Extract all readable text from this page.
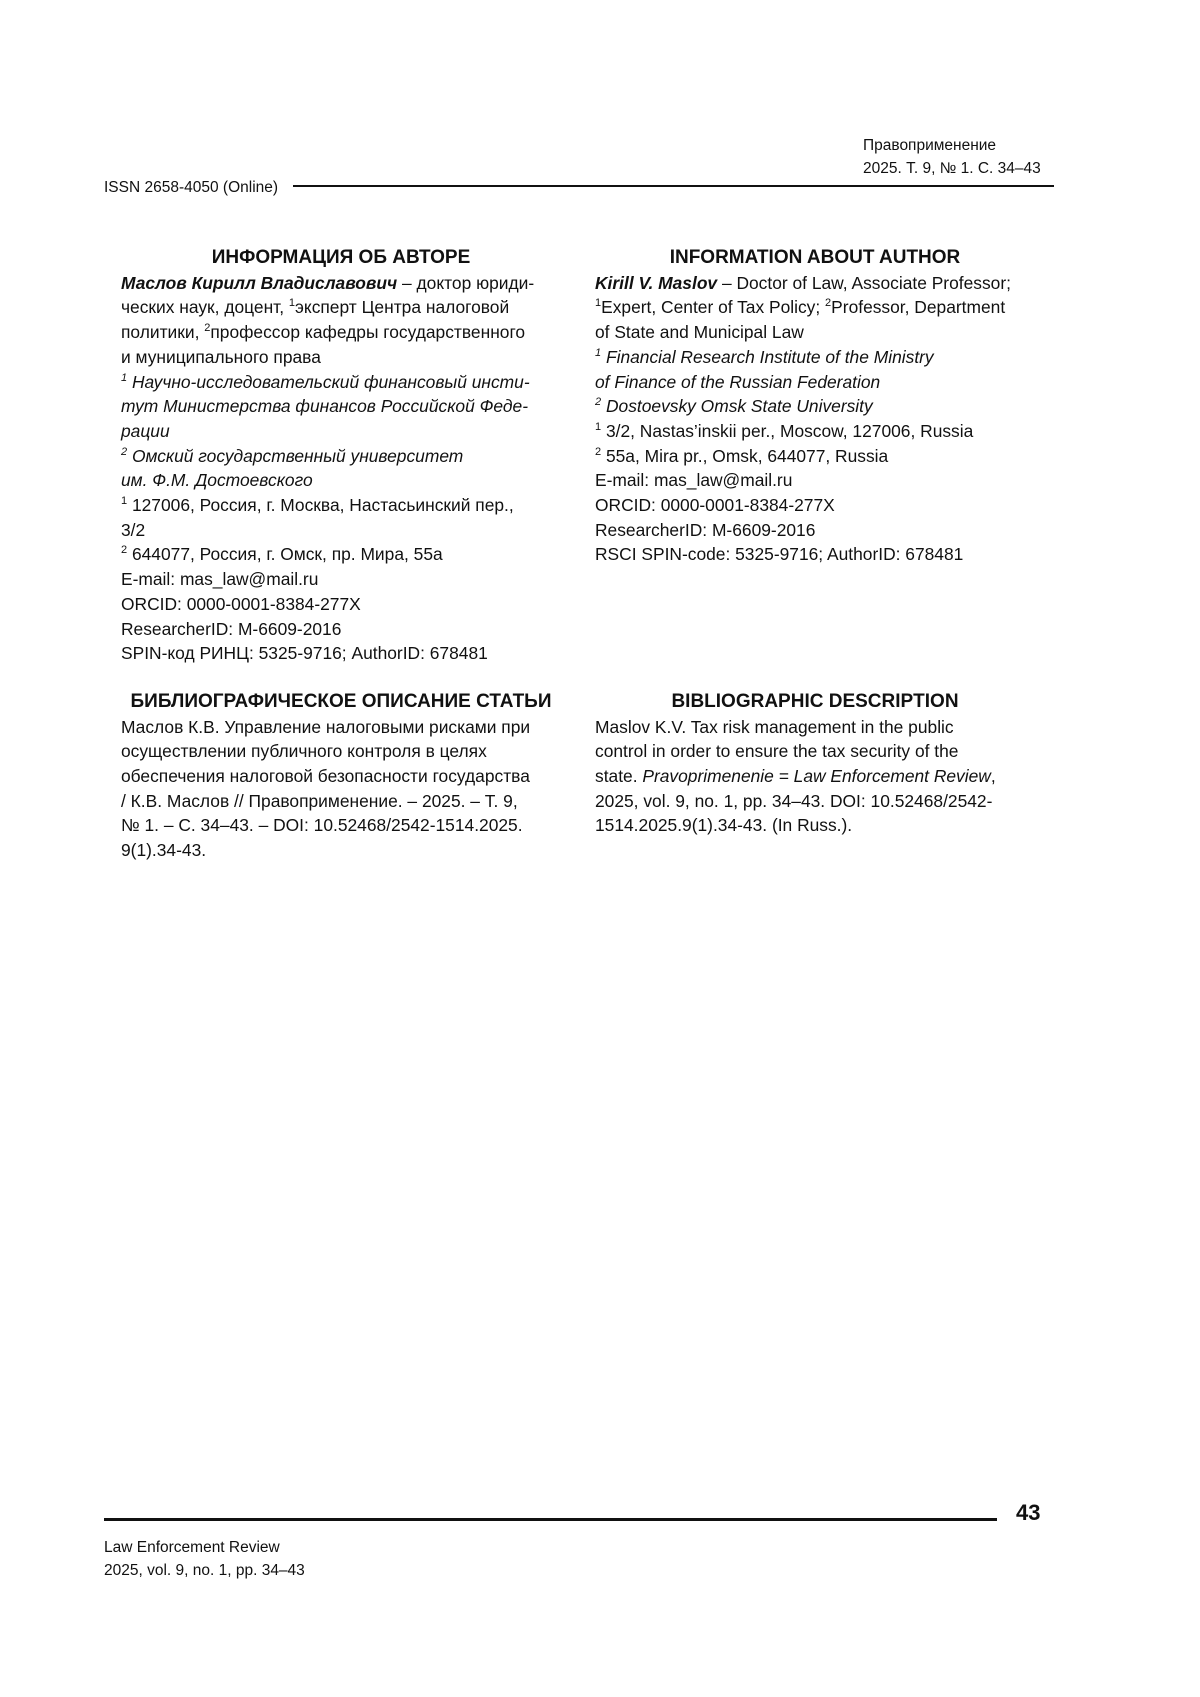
Правоприменение
2025. Т. 9, № 1. С. 34–43
ISSN 2658-4050 (Online)
ИНФОРМАЦИЯ ОБ АВТОРЕ
Маслов Кирилл Владиславович – доктор юриди-
ческих наук, доцент, $^1$эксперт Центра налоговой
политики, $^2$профессор кафедры государственного
и муниципального права
$^1$ Научно-исследовательский финансовый инсти-
тут Министерства финансов Российской Феде-
рации
$^2$ Омский государственный университет
им. Ф.М. Достоевского
$^1$ 127006, Россия, г. Москва, Настасьинский пер.,
3/2
$^2$ 644077, Россия, г. Омск, пр. Мира, 55а
E-mail: mas_law@mail.ru
ORCID: 0000-0001-8384-277X
ResearcherID: M-6609-2016
SPIN-код РИНЦ: 5325-9716; AuthorID: 678481
БИБЛИОГРАФИЧЕСКОЕ ОПИСАНИЕ СТАТЬИ
Маслов К.В. Управление налоговыми рисками при
осуществлении публичного контроля в целях
обеспечения налоговой безопасности государства
/ К.В. Маслов // Правоприменение. – 2025. – Т. 9,
№ 1. – С. 34–43. – DOI: 10.52468/2542-1514.2025.
9(1).34-43.
INFORMATION ABOUT AUTHOR
Kirill V. Maslov – Doctor of Law, Associate Professor;
$^1$Expert, Center of Tax Policy; $^2$Professor, Department
of State and Municipal Law
$^1$ Financial Research Institute of the Ministry
of Finance of the Russian Federation
$^2$ Dostoevsky Omsk State University
$^1$ 3/2, Nastas’inskii per., Moscow, 127006, Russia
$^2$ 55a, Mira pr., Omsk, 644077, Russia
E-mail: mas_law@mail.ru
ORCID: 0000-0001-8384-277X
ResearcherID: M-6609-2016
RSCI SPIN-code: 5325-9716; AuthorID: 678481
BIBLIOGRAPHIC DESCRIPTION
Maslov K.V. Tax risk management in the public
control in order to ensure the tax security of the
state. Pravoprimenenie = Law Enforcement Review,
2025, vol. 9, no. 1, pp. 34–43. DOI: 10.52468/2542-
1514.2025.9(1).34-43. (In Russ.).
43
Law Enforcement Review
2025, vol. 9, no. 1, pp. 34–43
